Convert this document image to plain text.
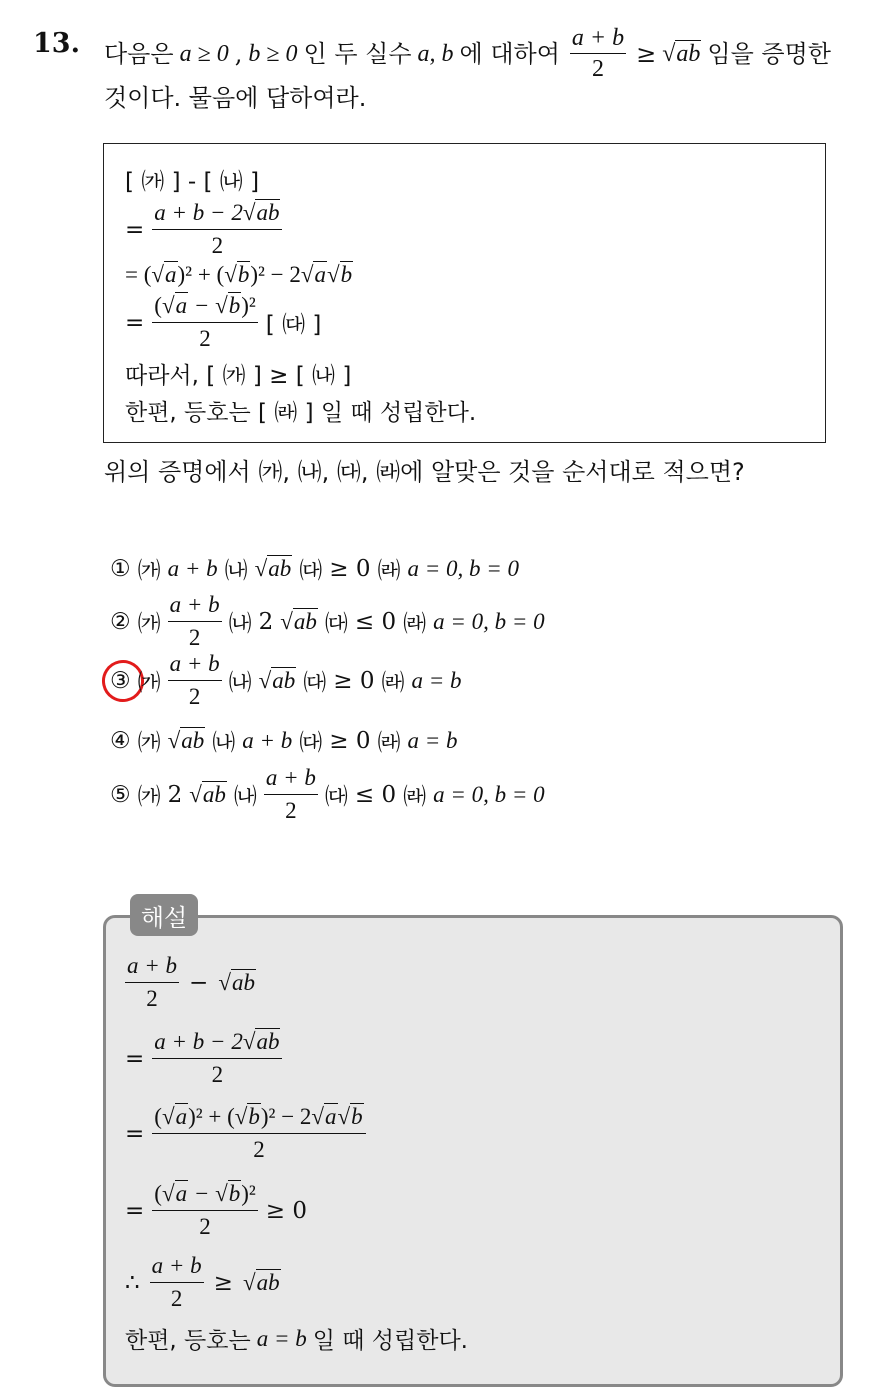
13. 다음은 a ≥ 0 , b ≥ 0 인 두 실수 a, b 에 대하여 $\frac{a + b}{2} \ge √ab$ 임을 증명한
것이다. 물음에 답하여라.
[ ㈎ ] - [ ㈏ ]
= $\frac{a + b - 2√ab}{2}$
= (√a)² + (√b)² − 2√a√b
= $\frac{\text{(√a − √b)²}}{2}$ [ ㈐ ]
따라서, [ ㈎ ] ≥ [ ㈏ ]
한편, 등호는 [ ㈑ ] 일 때 성립한다.
위의 증명에서 ㈎, ㈏, ㈐, ㈑에 알맞은 것을 순서대로 적으면?
① ㈎ a + b ㈏ √ab ㈐ ≥ 0 ㈑ a = 0, b = 0
② ㈎ $\frac{a + b}{2}$ ㈏ 2 √ab ㈐ ≤ 0 ㈑ a = 0, b = 0
③ ㈎ $\frac{a + b}{2}$ ㈏ √ab ㈐ ≥ 0 ㈑ a = b
④ ㈎ √ab ㈏ a + b ㈐ ≥ 0 ㈑ a = b
⑤ ㈎ 2 √ab ㈏ $\frac{a + b}{2}$ ㈐ ≤ 0 ㈑ a = 0, b = 0
해설
$\frac{a + b}{2} - √ab$
= $\frac{a + b - 2√ab}{2}$
= $\frac{\text{(√a)² + (√b)² − 2√a√b}}{2}$
= $\frac{\text{(√a − √b)²}}{2} \ge 0$
∴ $\frac{a + b}{2} \ge √ab$
한편, 등호는 a = b 일 때 성립한다.
